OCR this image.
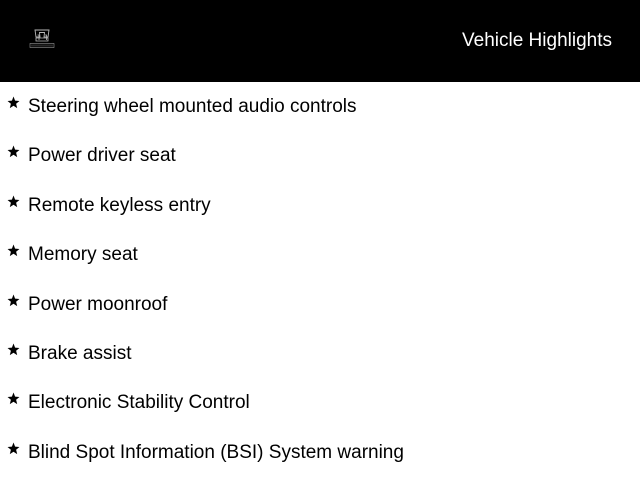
Vehicle Highlights
Steering wheel mounted audio controls
Power driver seat
Remote keyless entry
Memory seat
Power moonroof
Brake assist
Electronic Stability Control
Blind Spot Information (BSI) System warning
